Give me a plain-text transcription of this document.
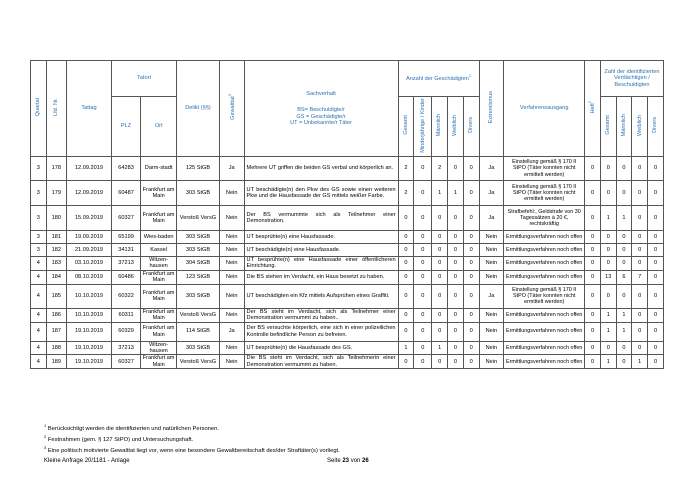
Quartal	Lfd. Nr.	Tattag	Tatort		Delikt (§§)	Gewalttat$^3$	Sachverhalt
BS= Beschuldigte/r
GS = Geschädigte/r
UT = Unbekannte/r Täter	Anzahl der Geschädigten$^1$					Extremismus	Verfahrensausgang	Haft$^2$	Zahl der identifizierten Verdächtigen / Beschuldigten			
			PLZ	Ort				Gesamt	Minderjährige / Kinder	Männlich	Weiblich	Divers				Gesamt	Männlich	Weiblich	Divers
3	178	12.09.2019	64283	Darm-stadt	125 StGB	Ja	Mehrere UT griffen die beiden GS verbal und körperlich an.	2	0	2	0	0	Ja	Einstellung gemäß § 170 II StPO (Täter konnten nicht ermittelt werden)	0	0	0	0	0
3	179	12.09.2019	60487	Frankfurt am Main	303 StGB	Nein	UT beschädigte(n) den Pkw des GS sowie einen weiteren Pkw und die Hausfassade der GS mittels weißer Farbe.	2	0	1	1	0	Ja	Einstellung gemäß § 170 II StPO (Täter konnten nicht ermittelt werden)	0	0	0	0	0
3	180	15.09.2019	60327	Frankfurt am Main	Verstoß VersG	Nein	Der BS vermummte sich als Teilnehmer einer Demonstration.	0	0	0	0	0	Ja	Strafbefehl:, Geldstrafe von 30 Tagessätzen à 20 €, rechtskräftig	0	1	1	0	0
3	181	19.09.2019	65199	Wies-baden	303 StGB	Nein	UT besprühte(n) eine Hausfassade.	0	0	0	0	0	Nein	Ermittlungsverfahren noch offen	0	0	0	0	0
3	182	21.09.2019	34131	Kassel	303 StGB	Nein	UT beschädigte(n) eine Hausfassade.	0	0	0	0	0	Nein	Ermittlungsverfahren noch offen	0	0	0	0	0
4	183	03.10.2019	37213	Witzen-hausen	304 StGB	Nein	UT besprühte(n) eine Hausfassade einer öffentlicheren Einrichtung.	0	0	0	0	0	Nein	Ermittlungsverfahren noch offen	0	0	0	0	0
4	184	08.10.2019	60486	Frankfurt am Main	123 StGB	Nein	Die BS stehen im Verdacht, ein Haus besetzt zu haben.	0	0	0	0	0	Nein	Ermittlungsverfahren noch offen	0	13	6	7	0
4	185	10.10.2019	60322	Frankfurt am Main	303 StGB	Nein	UT beschädigten ein Kfz mittels Aufsprühen eines Graffiti.	0	0	0	0	0	Ja	Einstellung gemäß § 170 II StPO (Täter konnten nicht ermittelt werden)	0	0	0	0	0
4	186	10.10.2019	60311	Frankfurt am Main	Verstoß VersG	Nein	Der BS steht im Verdacht, sich als Teilnehmer einer Demonstration vermummt zu haben..	0	0	0	0	0	Nein	Ermittlungsverfahren noch offen	0	1	1	0	0
4	187	19.10.2019	60329	Frankfurt am Main	114 StGB	Ja	Der BS versuchte körperlich, eine sich in einer polizeilichen Kontrolle befindliche Person zu befreien.	0	0	0	0	0	Nein	Ermittlungsverfahren noch offen	0	1	1	0	0
4	188	19.10.2019	37213	Witzen-hausen	303 StGB	Nein	UT besprühte(n) die Hausfassade des GS.	1	0	1	0	0	Nein	Ermittlungsverfahren noch offen	0	0	0	0	0
4	189	19.10.2019	60327	Frankfurt am Main	Verstoß VersG	Nein	Die BS steht im Verdacht, sich als Teilnehmerin einer Demonstration vermummt zu haben.	0	0	0	0	0	Nein	Ermittlungsverfahren noch offen	0	1	0	1	0
$^1$ Berücksichtigt werden die identifizierten und natürlichen Personen.
$^2$ Festnahmen (gem. § 127 StPO) und Untersuchungshaft.
$^3$ Eine politisch motivierte Gewalttat liegt vor, wenn eine besondere Gewaltbereitschaft des/der Straftäter(s) vorliegt.
Kleine Anfrage 20/1181 - Anlage	Seite 23 von 26
